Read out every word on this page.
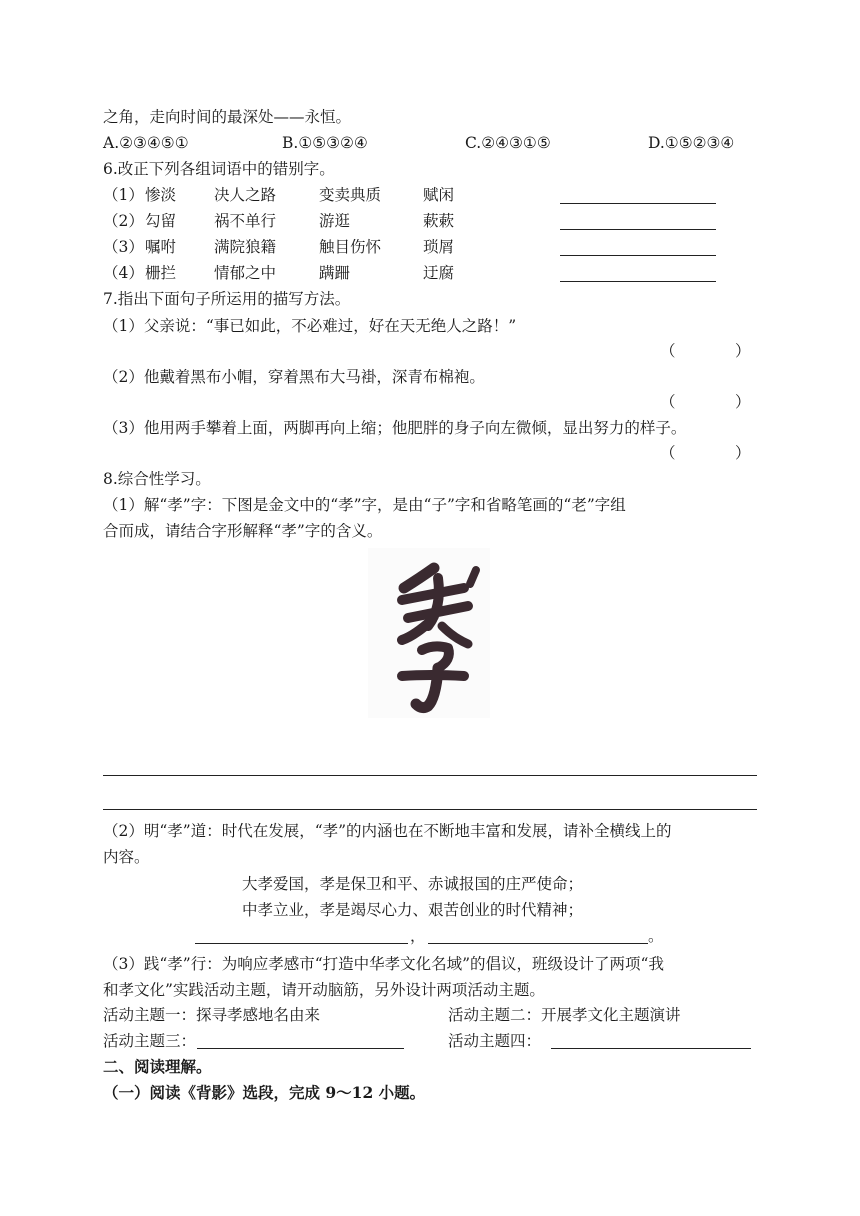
之角，走向时间的最深处——永恒。
A.②③④⑤①	B.①⑤③②④	C.②④③①⑤	D.①⑤②③④
6.改正下列各组词语中的错别字。
（1） 惨淡 决人之路	变卖典质	赋闲
（2） 勾留 祸不单行	游逛	蔌蔌
（3） 嘱咐 满院狼籍	触目伤怀	琐屑
（4） 栅拦 情郁之中	蹒跚	迂腐
7.指出下面句子所运用的描写方法。
（1）父亲说：“事已如此，不必难过，好在天无绝人之路！”
（	）
（2）他戴着黑布小帽，穿着黑布大马褂，深青布棉袍。
（	）
（3）他用两手攀着上面，两脚再向上缩；他肥胖的身子向左微倾，显出努力的样子。
（	）
8.综合性学习。
（1）解“孝”字：下图是金文中的“孝”字，是由“子”字和省略笔画的“老”字组
合而成，请结合字形解释“孝”字的含义。
（2）明“孝”道：时代在发展，“孝”的内涵也在不断地丰富和发展，请补全横线上的
内容。
大孝爱国，孝是保卫和平、赤诚报国的庄严使命；
中孝立业，孝是竭尽心力、艰苦创业的时代精神；
，	。
（3）践“孝”行：为响应孝感市“打造中华孝文化名域”的倡议，班级设计了两项“我
和孝文化”实践活动主题，请开动脑筋，另外设计两项活动主题。
活动主题一：探寻孝感地名由来	活动主题二：开展孝文化主题演讲
活动主题三：	活动主题四：
二、阅读理解。
（一）阅读《背影》选段，完成 9～12 小题。
